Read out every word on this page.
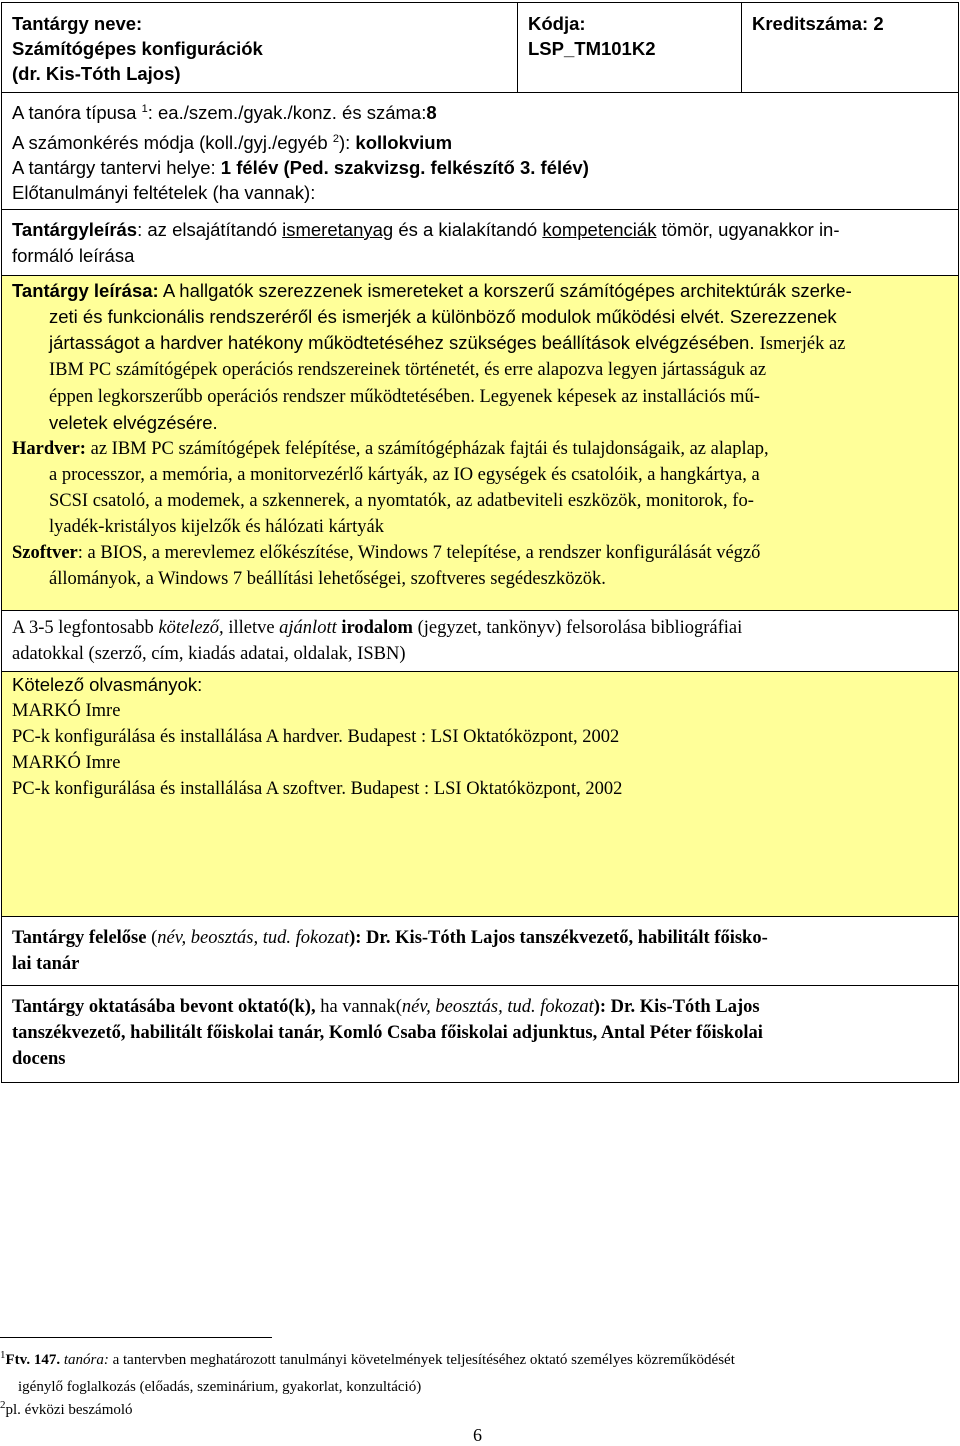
Tantárgy neve:
Számítógépes konfigurációk
(dr. Kis-Tóth Lajos)

Kódja:
LSP_TM101K2

Kreditszáma: 2

A tanóra típusa $^1$: ea./szem./gyak./konz. és száma:8
A számonkérés módja (koll./gyj./egyéb $^2$): kollokvium
A tantárgy tantervi helye: 1 félév (Ped. szakvizsg. felkészítő 3. félév)
Előtanulmányi feltételek (ha vannak):

Tantárgyleírás: az elsajátítandó ismeretanyag és a kialakítandó kompetenciák tömör, ugyanakkor in-
formáló leírása

Tantárgy leírása: A hallgatók szerezzenek ismereteket a korszerű számítógépes architektúrák szerke-
zeti és funkcionális rendszeréről és ismerjék a különböző modulok működési elvét. Szerezzenek
jártasságot a hardver hatékony működtetéséhez szükséges beállítások elvégzésében. Ismerjék az
IBM PC számítógépek operációs rendszereinek történetét, és erre alapozva legyen jártasságuk az
éppen legkorszerűbb operációs rendszer működtetésében. Legyenek képesek az installációs mű-
veletek elvégzésére.
Hardver: az IBM PC számítógépek felépítése, a számítógépházak fajtái és tulajdonságaik, az alaplap,
a processzor, a memória, a monitorvezérlő kártyák, az IO egységek és csatolóik, a hangkártya, a
SCSI csatoló, a modemek, a szkennerek, a nyomtatók, az adatbeviteli eszközök, monitorok, fo-
lyadék-kristályos kijelzők és hálózati kártyák
Szoftver: a BIOS, a merevlemez előkészítése, Windows 7 telepítése, a rendszer konfigurálását végző
állományok, a Windows 7 beállítási lehetőségei, szoftveres segédeszközök.

A 3-5 legfontosabb kötelező, illetve ajánlott irodalom (jegyzet, tankönyv) felsorolása bibliográfiai
adatokkal (szerző, cím, kiadás adatai, oldalak, ISBN)

Kötelező olvasmányok:
MARKÓ Imre
PC-k konfigurálása és installálása A hardver. Budapest : LSI Oktatóközpont, 2002
MARKÓ Imre
PC-k konfigurálása és installálása A szoftver. Budapest : LSI Oktatóközpont, 2002

Tantárgy felelőse (név, beosztás, tud. fokozat): Dr. Kis-Tóth Lajos tanszékvezető, habilitált főisko-
lai tanár

Tantárgy oktatásába bevont oktató(k), ha vannak(név, beosztás, tud. fokozat): Dr. Kis-Tóth Lajos
tanszékvezető, habilitált főiskolai tanár, Komló Csaba főiskolai adjunktus, Antal Péter főiskolai
docens
$^1$Ftv. 147. tanóra: a tantervben meghatározott tanulmányi követelmények teljesítéséhez oktató személyes közreműködését
igénylő foglalkozás (előadás, szeminárium, gyakorlat, konzultáció)
$^2$pl. évközi beszámoló
6
